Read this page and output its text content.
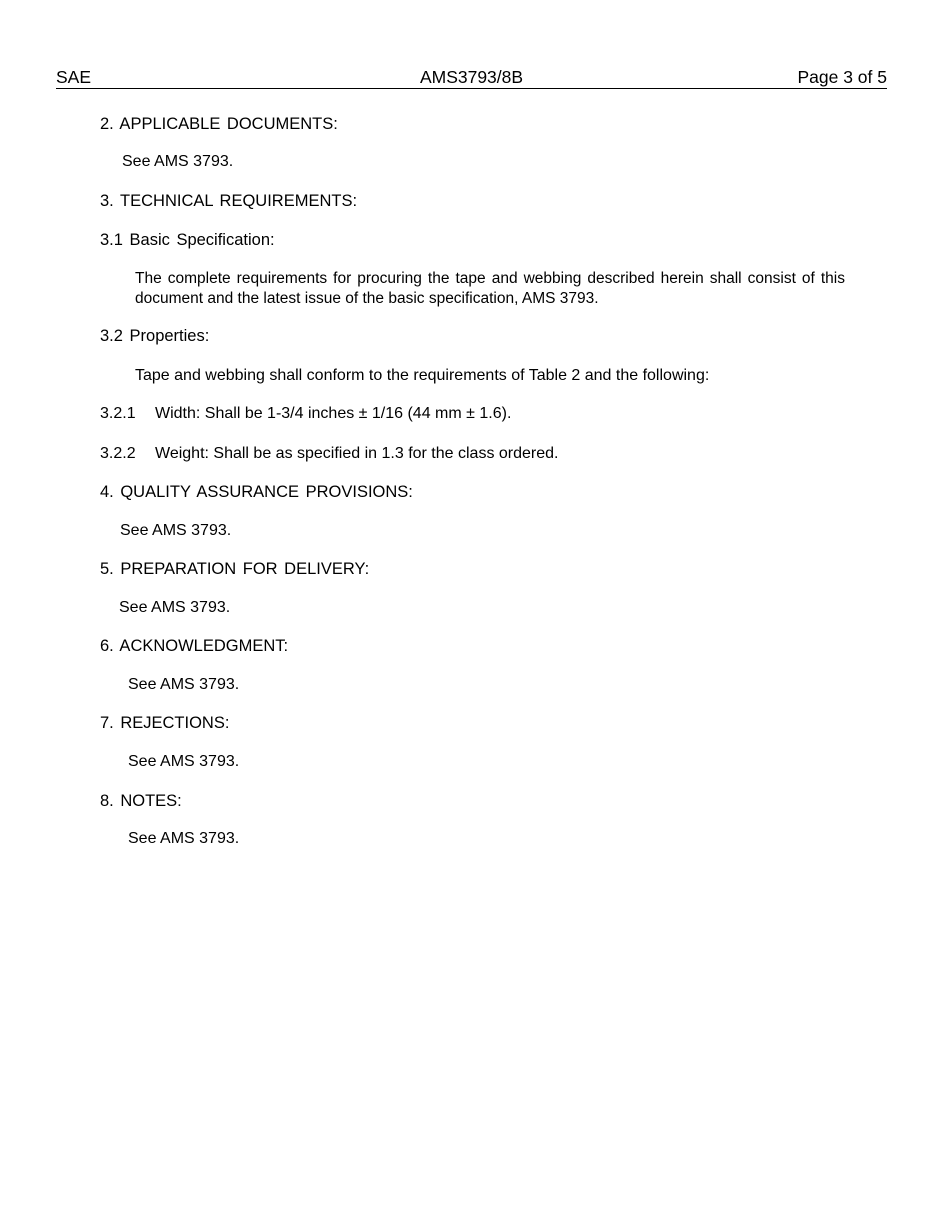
SAE	AMS3793/8B	Page 3 of 5
2. APPLICABLE DOCUMENTS:
See AMS 3793.
3. TECHNICAL REQUIREMENTS:
3.1 Basic Specification:
The complete requirements for procuring the tape and webbing described herein shall consist of this document and the latest issue of the basic specification, AMS 3793.
3.2 Properties:
Tape and webbing shall conform to the requirements of Table 2 and the following:
3.2.1 Width: Shall be 1-3/4 inches ± 1/16 (44 mm ± 1.6).
3.2.2 Weight: Shall be as specified in 1.3 for the class ordered.
4. QUALITY ASSURANCE PROVISIONS:
See AMS 3793.
5. PREPARATION FOR DELIVERY:
See AMS 3793.
6. ACKNOWLEDGMENT:
See AMS 3793.
7. REJECTIONS:
See AMS 3793.
8. NOTES:
See AMS 3793.
